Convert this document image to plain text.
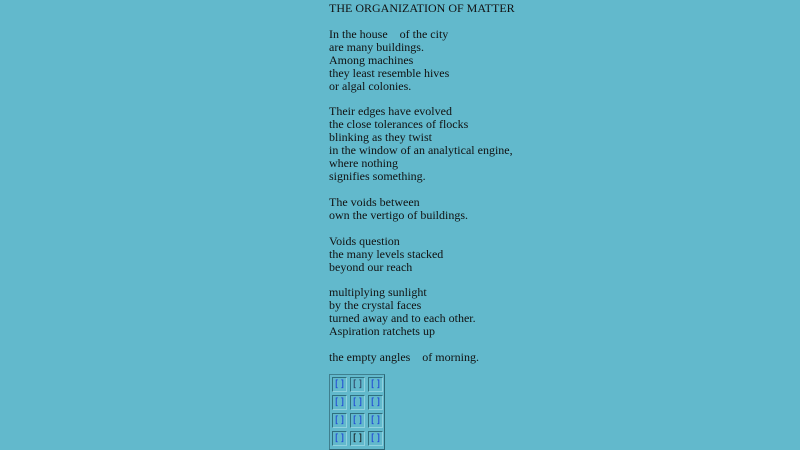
THE ORGANIZATION OF MATTER
In the house    of the city
are many buildings.
Among machines
they least resemble hives
or algal colonies.
Their edges have evolved
the close tolerances of flocks
blinking as they twist
in the window of an analytical engine,
where nothing
signifies something.
The voids between
own the vertigo of buildings.
Voids question
the many levels stacked
beyond our reach
multiplying sunlight
by the crystal faces
turned away and to each other.
Aspiration ratchets up
the empty angles    of morning.
[] [] []
[] [] []
[] [] []
[] [] []
